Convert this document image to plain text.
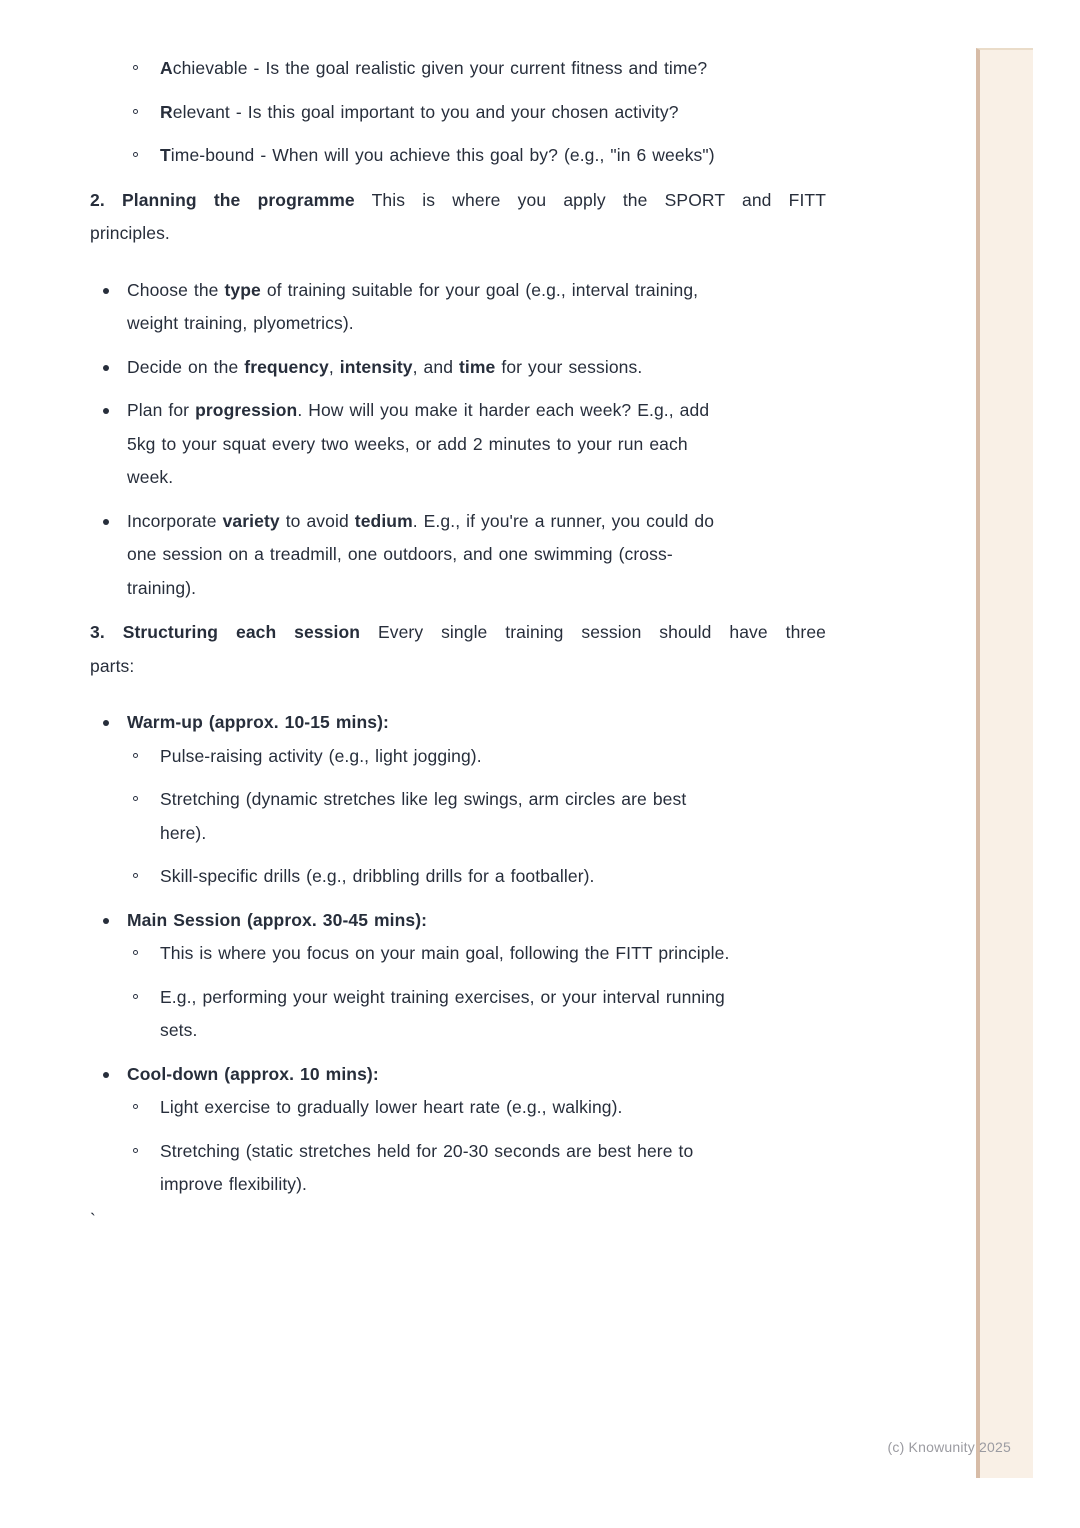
Achievable - Is the goal realistic given your current fitness and time?
Relevant - Is this goal important to you and your chosen activity?
Time-bound - When will you achieve this goal by? (e.g., "in 6 weeks")

2. Planning the programme This is where you apply the SPORT and FITT
principles.

Choose the type of training suitable for your goal (e.g., interval training,
weight training, plyometrics).
Decide on the frequency, intensity, and time for your sessions.
Plan for progression. How will you make it harder each week? E.g., add
5kg to your squat every two weeks, or add 2 minutes to your run each
week.
Incorporate variety to avoid tedium. E.g., if you're a runner, you could do
one session on a treadmill, one outdoors, and one swimming (cross-
training).

3. Structuring each session Every single training session should have three
parts:

Warm-up (approx. 10-15 mins):
Pulse-raising activity (e.g., light jogging).
Stretching (dynamic stretches like leg swings, arm circles are best
here).
Skill-specific drills (e.g., dribbling drills for a footballer).
Main Session (approx. 30-45 mins):
This is where you focus on your main goal, following the FITT principle.
E.g., performing your weight training exercises, or your interval running
sets.
Cool-down (approx. 10 mins):
Light exercise to gradually lower heart rate (e.g., walking).
Stretching (static stretches held for 20-30 seconds are best here to
improve flexibility).

`

(c) Knowunity 2025
